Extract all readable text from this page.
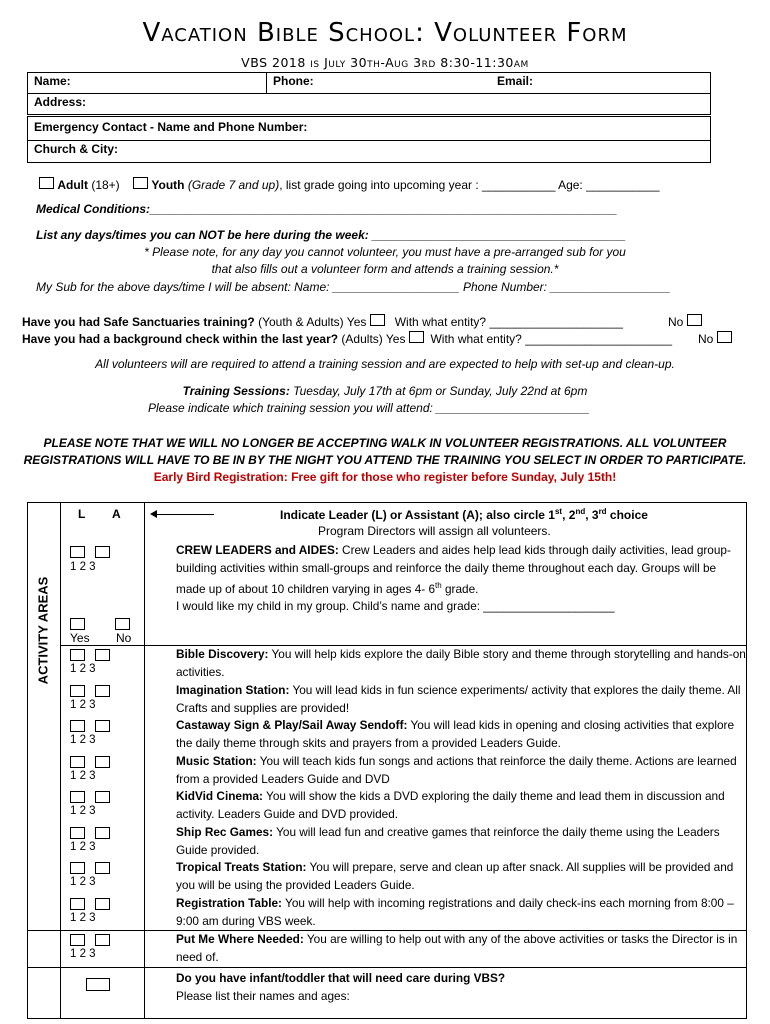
Vacation Bible School: Volunteer Form
VBS 2018 is July 30th-Aug 3rd 8:30-11:30am
Name:	Phone:	Email:
Address:
Emergency Contact - Name and Phone Number:
Church & City:
Adult (18+)	Youth (Grade 7 and up), list grade going into upcoming year : ___________ Age: ___________
Medical Conditions:______________________________________________________________________
List any days/times you can NOT be here during the week: ______________________________________
* Please note, for any day you cannot volunteer, you must have a pre-arranged sub for you
that also fills out a volunteer form and attends a training session.*
My Sub for the above days/time I will be absent: Name: ___________________ Phone Number: __________________
Have you had Safe Sanctuaries training? (Youth & Adults) Yes With what entity? ____________________	No
Have you had a background check within the last year? (Adults) Yes With what entity? ______________________ No
All volunteers will are required to attend a training session and are expected to help with set-up and clean-up.
Training Sessions: Tuesday, July 17th at 6pm or Sunday, July 22nd at 6pm
Please indicate which training session you will attend: _______________________
PLEASE NOTE THAT WE WILL NO LONGER BE ACCEPTING WALK IN VOLUNTEER REGISTRATIONS. ALL VOLUNTEER
REGISTRATIONS WILL HAVE TO BE IN BY THE NIGHT YOU ATTEND THE TRAINING YOU SELECT IN ORDER TO PARTICIPATE.
Early Bird Registration: Free gift for those who register before Sunday, July 15th!
ACTIVITY AREAS
L A	Indicate Leader (L) or Assistant (A); also circle 1st, 2nd, 3rd choice
Program Directors will assign all volunteers.
1 2 3
Yes No
CREW LEADERS and AIDES: Crew Leaders and aides help lead kids through daily activities, lead group-building activities within small-groups and reinforce the daily theme throughout each day. Groups will be made up of about 10 children varying in ages 4- 6th grade.
I would like my child in my group. Child’s name and grade: ____________________
1 2 3
Bible Discovery: You will help kids explore the daily Bible story and theme through storytelling and hands-on activities.
1 2 3
Imagination Station: You will lead kids in fun science experiments/ activity that explores the daily theme. All Crafts and supplies are provided!
1 2 3
Castaway Sign & Play/Sail Away Sendoff: You will lead kids in opening and closing activities that explore the daily theme through skits and prayers from a provided Leaders Guide.
1 2 3
Music Station: You will teach kids fun songs and actions that reinforce the daily theme. Actions are learned from a provided Leaders Guide and DVD
1 2 3
KidVid Cinema: You will show the kids a DVD exploring the daily theme and lead them in discussion and activity. Leaders Guide and DVD provided.
1 2 3
Ship Rec Games: You will lead fun and creative games that reinforce the daily theme using the Leaders Guide provided.
1 2 3
Tropical Treats Station: You will prepare, serve and clean up after snack. All supplies will be provided and you will be using the provided Leaders Guide.
1 2 3
Registration Table: You will help with incoming registrations and daily check-ins each morning from 8:00 – 9:00 am during VBS week.
1 2 3
Put Me Where Needed: You are willing to help out with any of the above activities or tasks the Director is in need of.
Do you have infant/toddler that will need care during VBS?
Please list their names and ages:
